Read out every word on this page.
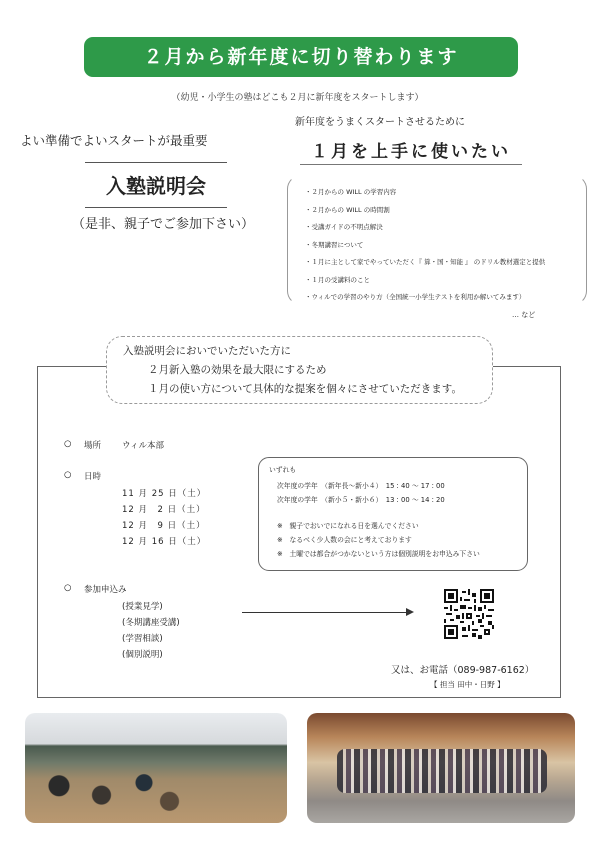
２月から新年度に切り替わります
（幼児・小学生の塾はどこも２月に新年度をスタートします）
よい準備でよいスタートが最重要
入塾説明会
（是非、親子でご参加下さい）
新年度をうまくスタートさせるために
１月を上手に使いたい
・２月からの WILL の学習内容
・２月からの WILL の時間割
・受講ガイドの不明点解決
・冬期講習について
・１月に主として家でやっていただく『 算・国・知能 』 のドリル教材選定と提供
・１月の受講料のこと
・ウィルでの学習のやり方（全国統一小学生テストを利用か解いてみます）
… など
入塾説明会においでいただいた方に
２月新入塾の効果を最大限にするため
１月の使い方について具体的な提案を個々にさせていただきます。
○ 場所 ウィル本部
○ 日時
11 月 25 日（土）
12 月　2 日（土）
12 月　9 日（土）
12 月 16 日（土）
いずれも
次年度の学年　（新年長～新小４）　15 : 40 ～ 17 : 00
次年度の学年　（新小５・新小６）　13 : 00 ～ 14 : 20
※　親子でおいでになれる日を選んでください
※　なるべく少人数の会にと考えております
※　土曜では都合がつかないという方は個別説明をお申込み下さい
○ 参加申込み
(授業見学)
(冬期講座受講)
(学習相談)
(個別説明)
又は、お電話（089-987-6162）
【 担当 田中・日野 】
